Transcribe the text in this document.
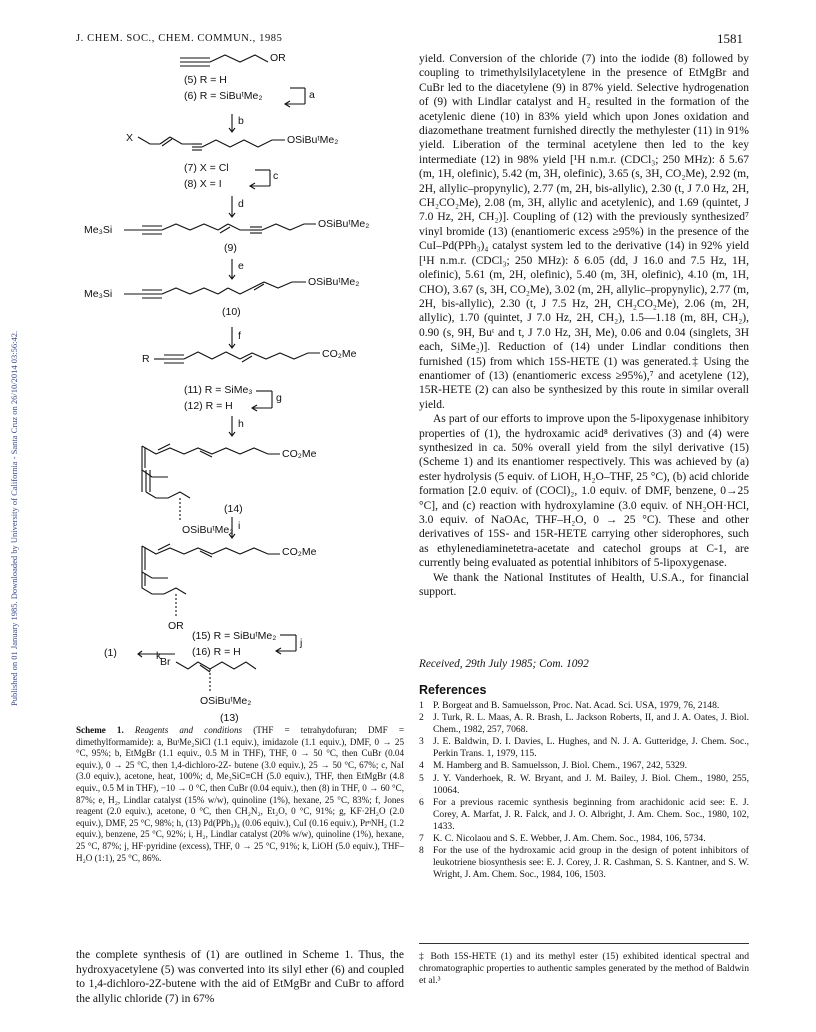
J. CHEM. SOC., CHEM. COMMUN., 1985	1581
Published on 01 January 1985. Downloaded by University of California - Santa Cruz on 26/10/2014 03:56:42.
OR
(5) R = H
(6) R = SiBuᵗMe₂	a
b
X	OSiBuᵗMe₂
(7) X = Cl
(8) X = I
c
d
Me₃Si	OSiBuᵗMe₂
(9)
e
Me₃Si
OSiBuᵗMe₂
(10)
f
R	CO₂Me
(11) R = SiMe₃
(12) R = H
g
h
CO₂Me
OSiBuᵗMe₂
(14)
i
CO₂Me
OR
(15) R = SiBuᵗMe₂
(16) R = H
j
(1)	k
Br
OSiBuᵗMe₂
(13)
Scheme 1. Reagents and conditions (THF = tetrahydofuran; DMF = dimethylformamide): a, BuᵗMe₂SiCl (1.1 equiv.), imidazole (1.1 equiv.), DMF, 0 → 25 °C, 95%; b, EtMgBr (1.1 equiv., 0.5 M in THF), THF, 0 → 50 °C, then CuBr (0.04 equiv.), 0 → 25 °C, then 1,4-dichloro-2Z- butene (3.0 equiv.), 25 → 50 °C, 67%; c, NaI (3.0 equiv.), acetone, heat, 100%; d, Me₃SiC≡CH (5.0 equiv.), THF, then EtMgBr (4.8 equiv., 0.5 M in THF), −10 → 0 °C, then CuBr (0.04 equiv.), then (8) in THF, 0 → 60 °C, 87%; e, H₂, Lindlar catalyst (15% w/w), quinoline (1%), hexane, 25 °C, 83%; f, Jones reagent (2.0 equiv.), acetone, 0 °C, then CH₂N₂, Et₂O, 0 °C, 91%; g, KF·2H₂O (2.0 equiv.), DMF, 25 °C, 98%; h, (13) Pd(PPh₃)₄ (0.06 equiv.), CuI (0.16 equiv.), PrⁿNH₂ (1.2 equiv.), benzene, 25 °C, 92%; i, H₂, Lindlar catalyst (20% w/w), quinoline (1%), hexane, 25 °C, 87%; j, HF·pyridine (excess), THF, 0 → 25 °C, 91%; k, LiOH (5.0 equiv.), THF–H₂O (1:1), 25 °C, 86%.
the complete synthesis of (1) are outlined in Scheme 1. Thus, the hydroxyacetylene (5) was converted into its silyl ether (6) and coupled to 1,4-dichloro-2Z-butene with the aid of EtMgBr and CuBr to afford the allylic chloride (7) in 67%

yield. Conversion of the chloride (7) into the iodide (8) followed by coupling to trimethylsilylacetylene in the presence of EtMgBr and CuBr led to the diacetylene (9) in 87% yield. Selective hydrogenation of (9) with Lindlar catalyst and H₂ resulted in the formation of the acetylenic diene (10) in 83% yield which upon Jones oxidation and diazomethane treatment furnished directly the methylester (11) in 91% yield. Liberation of the terminal acetylene then led to the key intermediate (12) in 98% yield [¹H n.m.r. (CDCl₃; 250 MHz): δ 5.67 (m, 1H, olefinic), 5.42 (m, 3H, olefinic), 3.65 (s, 3H, CO₂Me), 2.92 (m, 2H, allylic–propynylic), 2.77 (m, 2H, bis-allylic), 2.30 (t, J 7.0 Hz, 2H, CH₂CO₂Me), 2.08 (m, 3H, allylic and acetylenic), and 1.69 (quintet, J 7.0 Hz, 2H, CH₂)]. Coupling of (12) with the previously synthesized⁷ vinyl bromide (13) (enantiomeric excess ≥95%) in the presence of the CuI–Pd(PPh₃)₄ catalyst system led to the derivative (14) in 92% yield [¹H n.m.r. (CDCl₃; 250 MHz): δ 6.05 (dd, J 16.0 and 7.5 Hz, 1H, olefinic), 5.61 (m, 2H, olefinic), 5.40 (m, 3H, olefinic), 4.10 (m, 1H, CHO), 3.67 (s, 3H, CO₂Me), 3.02 (m, 2H, allylic–propynylic), 2.77 (m, 2H, bis-allylic), 2.30 (t, J 7.5 Hz, 2H, CH₂CO₂Me), 2.06 (m, 2H, allylic), 1.70 (quintet, J 7.0 Hz, 2H, CH₂), 1.5—1.18 (m, 8H, CH₂), 0.90 (s, 9H, Buᵗ and t, J 7.0 Hz, 3H, Me), 0.06 and 0.04 (singlets, 3H each, SiMe₂)]. Reduction of (14) under Lindlar conditions then furnished (15) from which 15S-HETE (1) was generated.‡ Using the enantiomer of (13) (enantiomeric excess ≥95%),⁷ and acetylene (12), 15R-HETE (2) can also be synthesized by this route in similar overall yield.

As part of our efforts to improve upon the 5-lipoxygenase inhibitory properties of (1), the hydroxamic acid⁸ derivatives (3) and (4) were synthesized in ca. 50% overall yield from the silyl derivative (15) (Scheme 1) and its enantiomer respectively. This was achieved by (a) ester hydrolysis (5 equiv. of LiOH, H₂O–THF, 25 °C), (b) acid chloride formation [2.0 equiv. of (COCl)₂, 1.0 equiv. of DMF, benzene, 0→25 °C], and (c) reaction with hydroxylamine (3.0 equiv. of NH₂OH·HCl, 3.0 equiv. of NaOAc, THF–H₂O, 0 → 25 °C). These and other derivatives of 15S- and 15R-HETE carrying other siderophores, such as ethylenediaminetetra-acetate and catechol groups at C-1, are currently being evaluated as potential inhibitors of 5-lipoxygenase.

We thank the National Institutes of Health, U.S.A., for financial support.

Received, 29th July 1985; Com. 1092
References
1 P. Borgeat and B. Samuelsson, Proc. Nat. Acad. Sci. USA, 1979, 76, 2148.
2 J. Turk, R. L. Maas, A. R. Brash, L. Jackson Roberts, II, and J. A. Oates, J. Biol. Chem., 1982, 257, 7068.
3 J. E. Baldwin, D. I. Davies, L. Hughes, and N. J. A. Gutteridge, J. Chem. Soc., Perkin Trans. 1, 1979, 115.
4 M. Hamberg and B. Samuelsson, J. Biol. Chem., 1967, 242, 5329.
5 J. Y. Vanderhoek, R. W. Bryant, and J. M. Bailey, J. Biol. Chem., 1980, 255, 10064.
6 For a previous racemic synthesis beginning from arachidonic acid see: E. J. Corey, A. Marfat, J. R. Falck, and J. O. Albright, J. Am. Chem. Soc., 1980, 102, 1433.
7 K. C. Nicolaou and S. E. Webber, J. Am. Chem. Soc., 1984, 106, 5734.
8 For the use of the hydroxamic acid group in the design of potent inhibitors of leukotriene biosynthesis see: E. J. Corey, J. R. Cashman, S. S. Kantner, and S. W. Wright, J. Am. Chem. Soc., 1984, 106, 1503.
‡ Both 15S-HETE (1) and its methyl ester (15) exhibited identical spectral and chromatographic properties to authentic samples generated by the method of Baldwin et al.³
